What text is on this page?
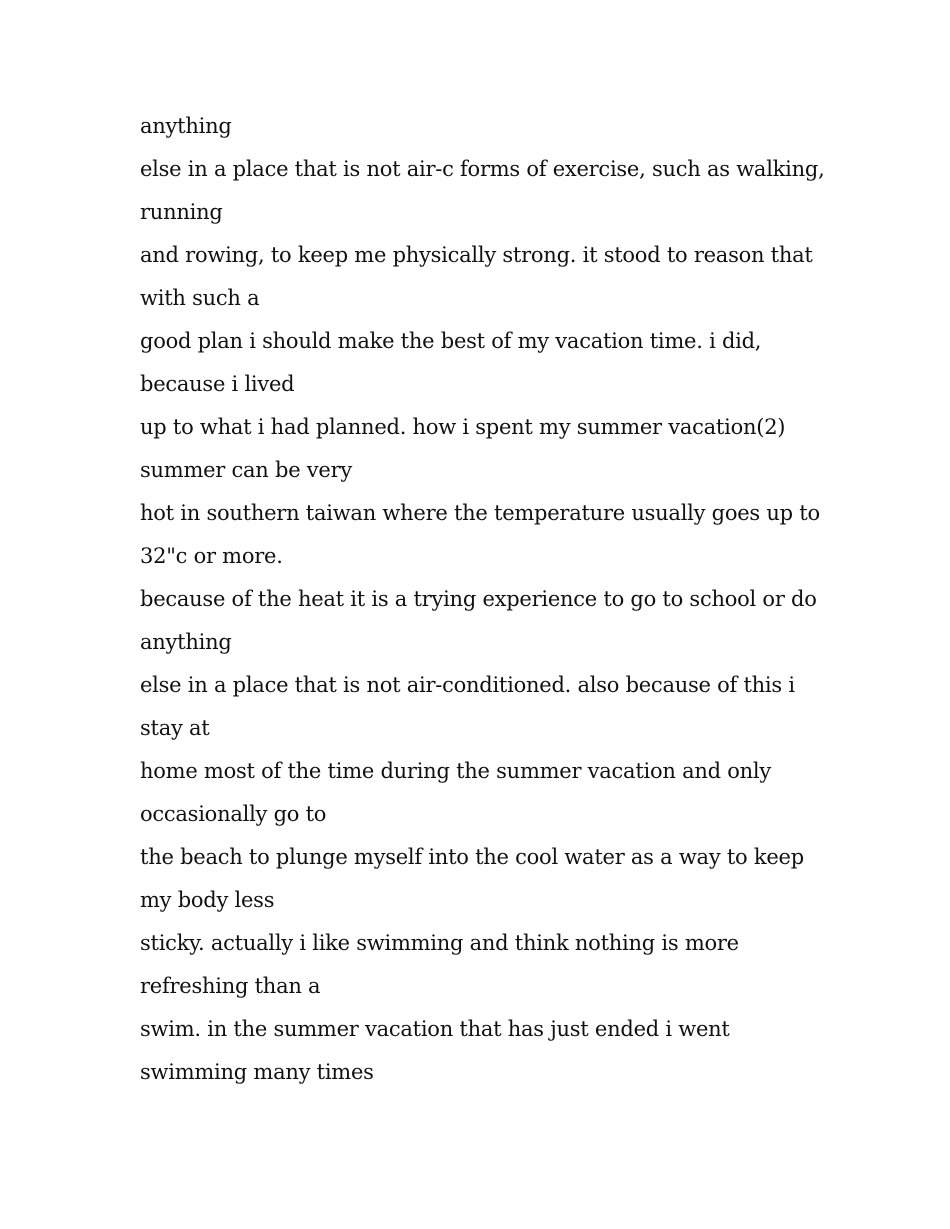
anything
else in a place that is not air-c forms of exercise, such as walking,
running
and rowing, to keep me physically strong. it stood to reason that
with such a
good plan i should make the best of my vacation time. i did,
because i lived
up to what i had planned. how i spent my summer vacation(2)
summer can be very
hot in southern taiwan where the temperature usually goes up to
32"c or more.
because of the heat it is a trying experience to go to school or do
anything
else in a place that is not air-conditioned. also because of this i
stay at
home most of the time during the summer vacation and only
occasionally go to
the beach to plunge myself into the cool water as a way to keep
my body less
sticky. actually i like swimming and think nothing is more
refreshing than a
swim. in the summer vacation that has just ended i went
swimming many times
